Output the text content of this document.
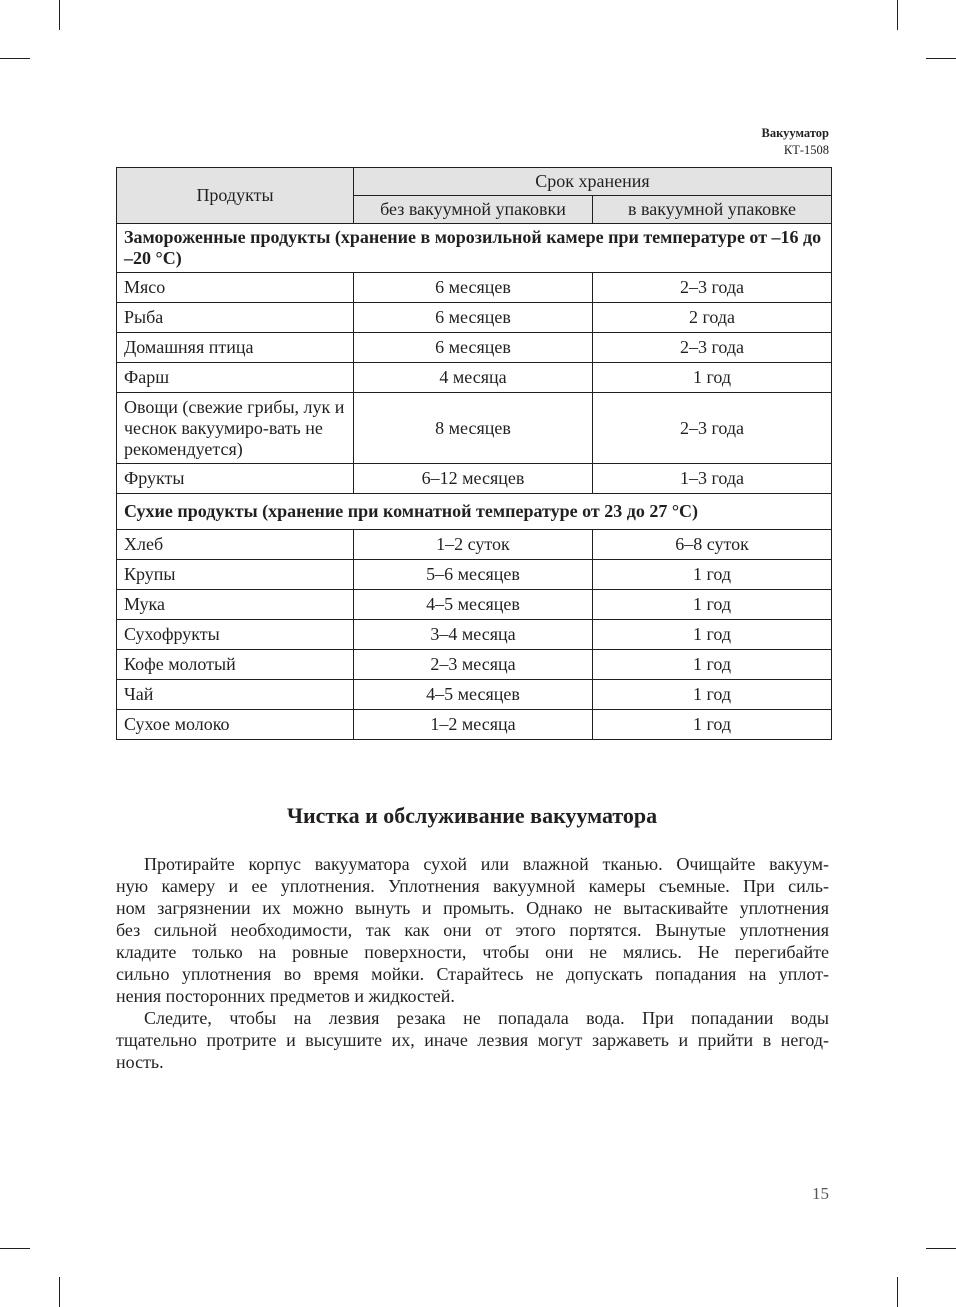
Вакууматор
КТ-1508
Продукты	Срок хранения	
	без вакуумной упаковки	в вакуумной упаковке
Замороженные продукты (хранение в морозильной камере при температуре от –16 до –20 °С)		
Мясо	6 месяцев	2–3 года
Рыба	6 месяцев	2 года
Домашняя птица	6 месяцев	2–3 года
Фарш	4 месяца	1 год
Овощи (свежие грибы, лук и чеснок вакуумиро-вать не рекомендуется)	8 месяцев	2–3 года
Фрукты	6–12 месяцев	1–3 года
Сухие продукты (хранение при комнатной температуре от 23 до 27 °С)		
Хлеб	1–2 суток	6–8 суток
Крупы	5–6 месяцев	1 год
Мука	4–5 месяцев	1 год
Сухофрукты	3–4 месяца	1 год
Кофе молотый	2–3 месяца	1 год
Чай	4–5 месяцев	1 год
Сухое молоко	1–2 месяца	1 год
Чистка и обслуживание вакууматора
Протирайте корпус вакууматора сухой или влажной тканью. Очищайте вакуум-
ную камеру и ее уплотнения. Уплотнения вакуумной камеры съемные. При силь-
ном загрязнении их можно вынуть и промыть. Однако не вытаскивайте уплотнения
без сильной необходимости, так как они от этого портятся. Вынутые уплотнения
кладите только на ровные поверхности, чтобы они не мялись. Не перегибайте
сильно уплотнения во время мойки. Старайтесь не допускать попадания на уплот-
нения посторонних предметов и жидкостей.
Следите, чтобы на лезвия резака не попадала вода. При попадании воды
тщательно протрите и высушите их, иначе лезвия могут заржаветь и прийти в негод-
ность.
15
